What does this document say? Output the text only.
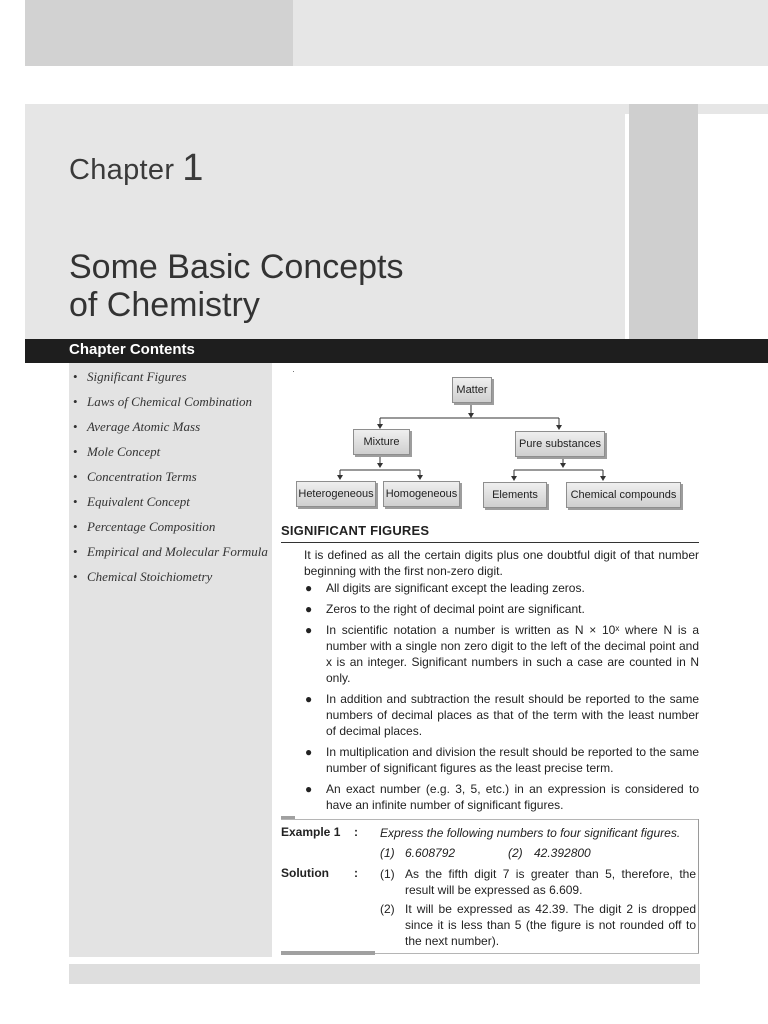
Chapter 1
Some Basic Concepts
of Chemistry
Chapter Contents
• Significant Figures
• Laws of Chemical Combination
• Average Atomic Mass
• Mole Concept
• Concentration Terms
• Equivalent Concept
• Percentage Composition
• Empirical and Molecular Formula
• Chemical Stoichiometry
Matter
Mixture	Pure substances
Heterogeneous Homogeneous	Elements	Chemical compounds
SIGNIFICANT FIGURES
It is defined as all the certain digits plus one doubtful digit of that number beginning with the first non-zero digit.
● All digits are significant except the leading zeros.
● Zeros to the right of decimal point are significant.
● In scientific notation a number is written as N × 10ˣ where N is a number with a single non zero digit to the left of the decimal point and x is an integer. Significant numbers in such a case are counted in N only.
● In addition and subtraction the result should be reported to the same numbers of decimal places as that of the term with the least number of decimal places.
● In multiplication and division the result should be reported to the same number of significant figures as the least precise term.
● An exact number (e.g. 3, 5, etc.) in an expression is considered to have an infinite number of significant figures.
Example 1 : Express the following numbers to four significant figures.
(1) 6.608792	(2) 42.392800
Solution : (1) As the fifth digit 7 is greater than 5, therefore, the result will be expressed as 6.609.
(2) It will be expressed as 42.39. The digit 2 is dropped since it is less than 5 (the figure is not rounded off to the next number).
